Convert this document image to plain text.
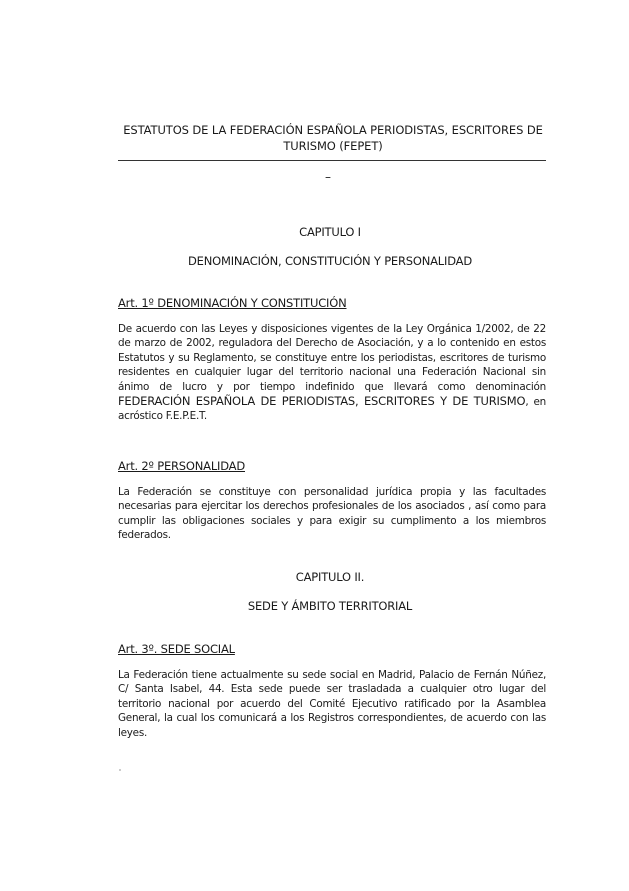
ESTATUTOS DE LA FEDERACIÓN ESPAÑOLA PERIODISTAS, ESCRITORES DE
TURISMO (FEPET)
–
CAPITULO I
DENOMINACIÓN, CONSTITUCIÓN Y PERSONALIDAD
Art. 1º DENOMINACIÓN Y CONSTITUCIÓN
De acuerdo con las Leyes y disposiciones vigentes de la Ley Orgánica 1/2002, de 22 de marzo de 2002, reguladora del Derecho de Asociación, y a lo contenido en estos Estatutos y su Reglamento, se constituye entre los periodistas, escritores de turismo residentes en cualquier lugar del territorio nacional una Federación Nacional sin ánimo de lucro y por tiempo indefinido que llevará como denominación FEDERACIÓN ESPAÑOLA DE PERIODISTAS, ESCRITORES Y DE TURISMO, en acróstico F.E.P.E.T.
Art. 2º PERSONALIDAD
La Federación se constituye con personalidad jurídica propia y las facultades necesarias para ejercitar los derechos profesionales de los asociados , así como para cumplir las obligaciones sociales y para exigir su cumplimento a los miembros federados.
CAPITULO II.
SEDE Y ÁMBITO TERRITORIAL
Art. 3º. SEDE SOCIAL
La Federación tiene actualmente su sede social en Madrid, Palacio de Fernán Núñez, C/ Santa Isabel, 44. Esta sede puede ser trasladada a cualquier otro lugar del territorio nacional por acuerdo del Comité Ejecutivo ratificado por la Asamblea General, la cual los comunicará a los Registros correspondientes, de acuerdo con las leyes.
